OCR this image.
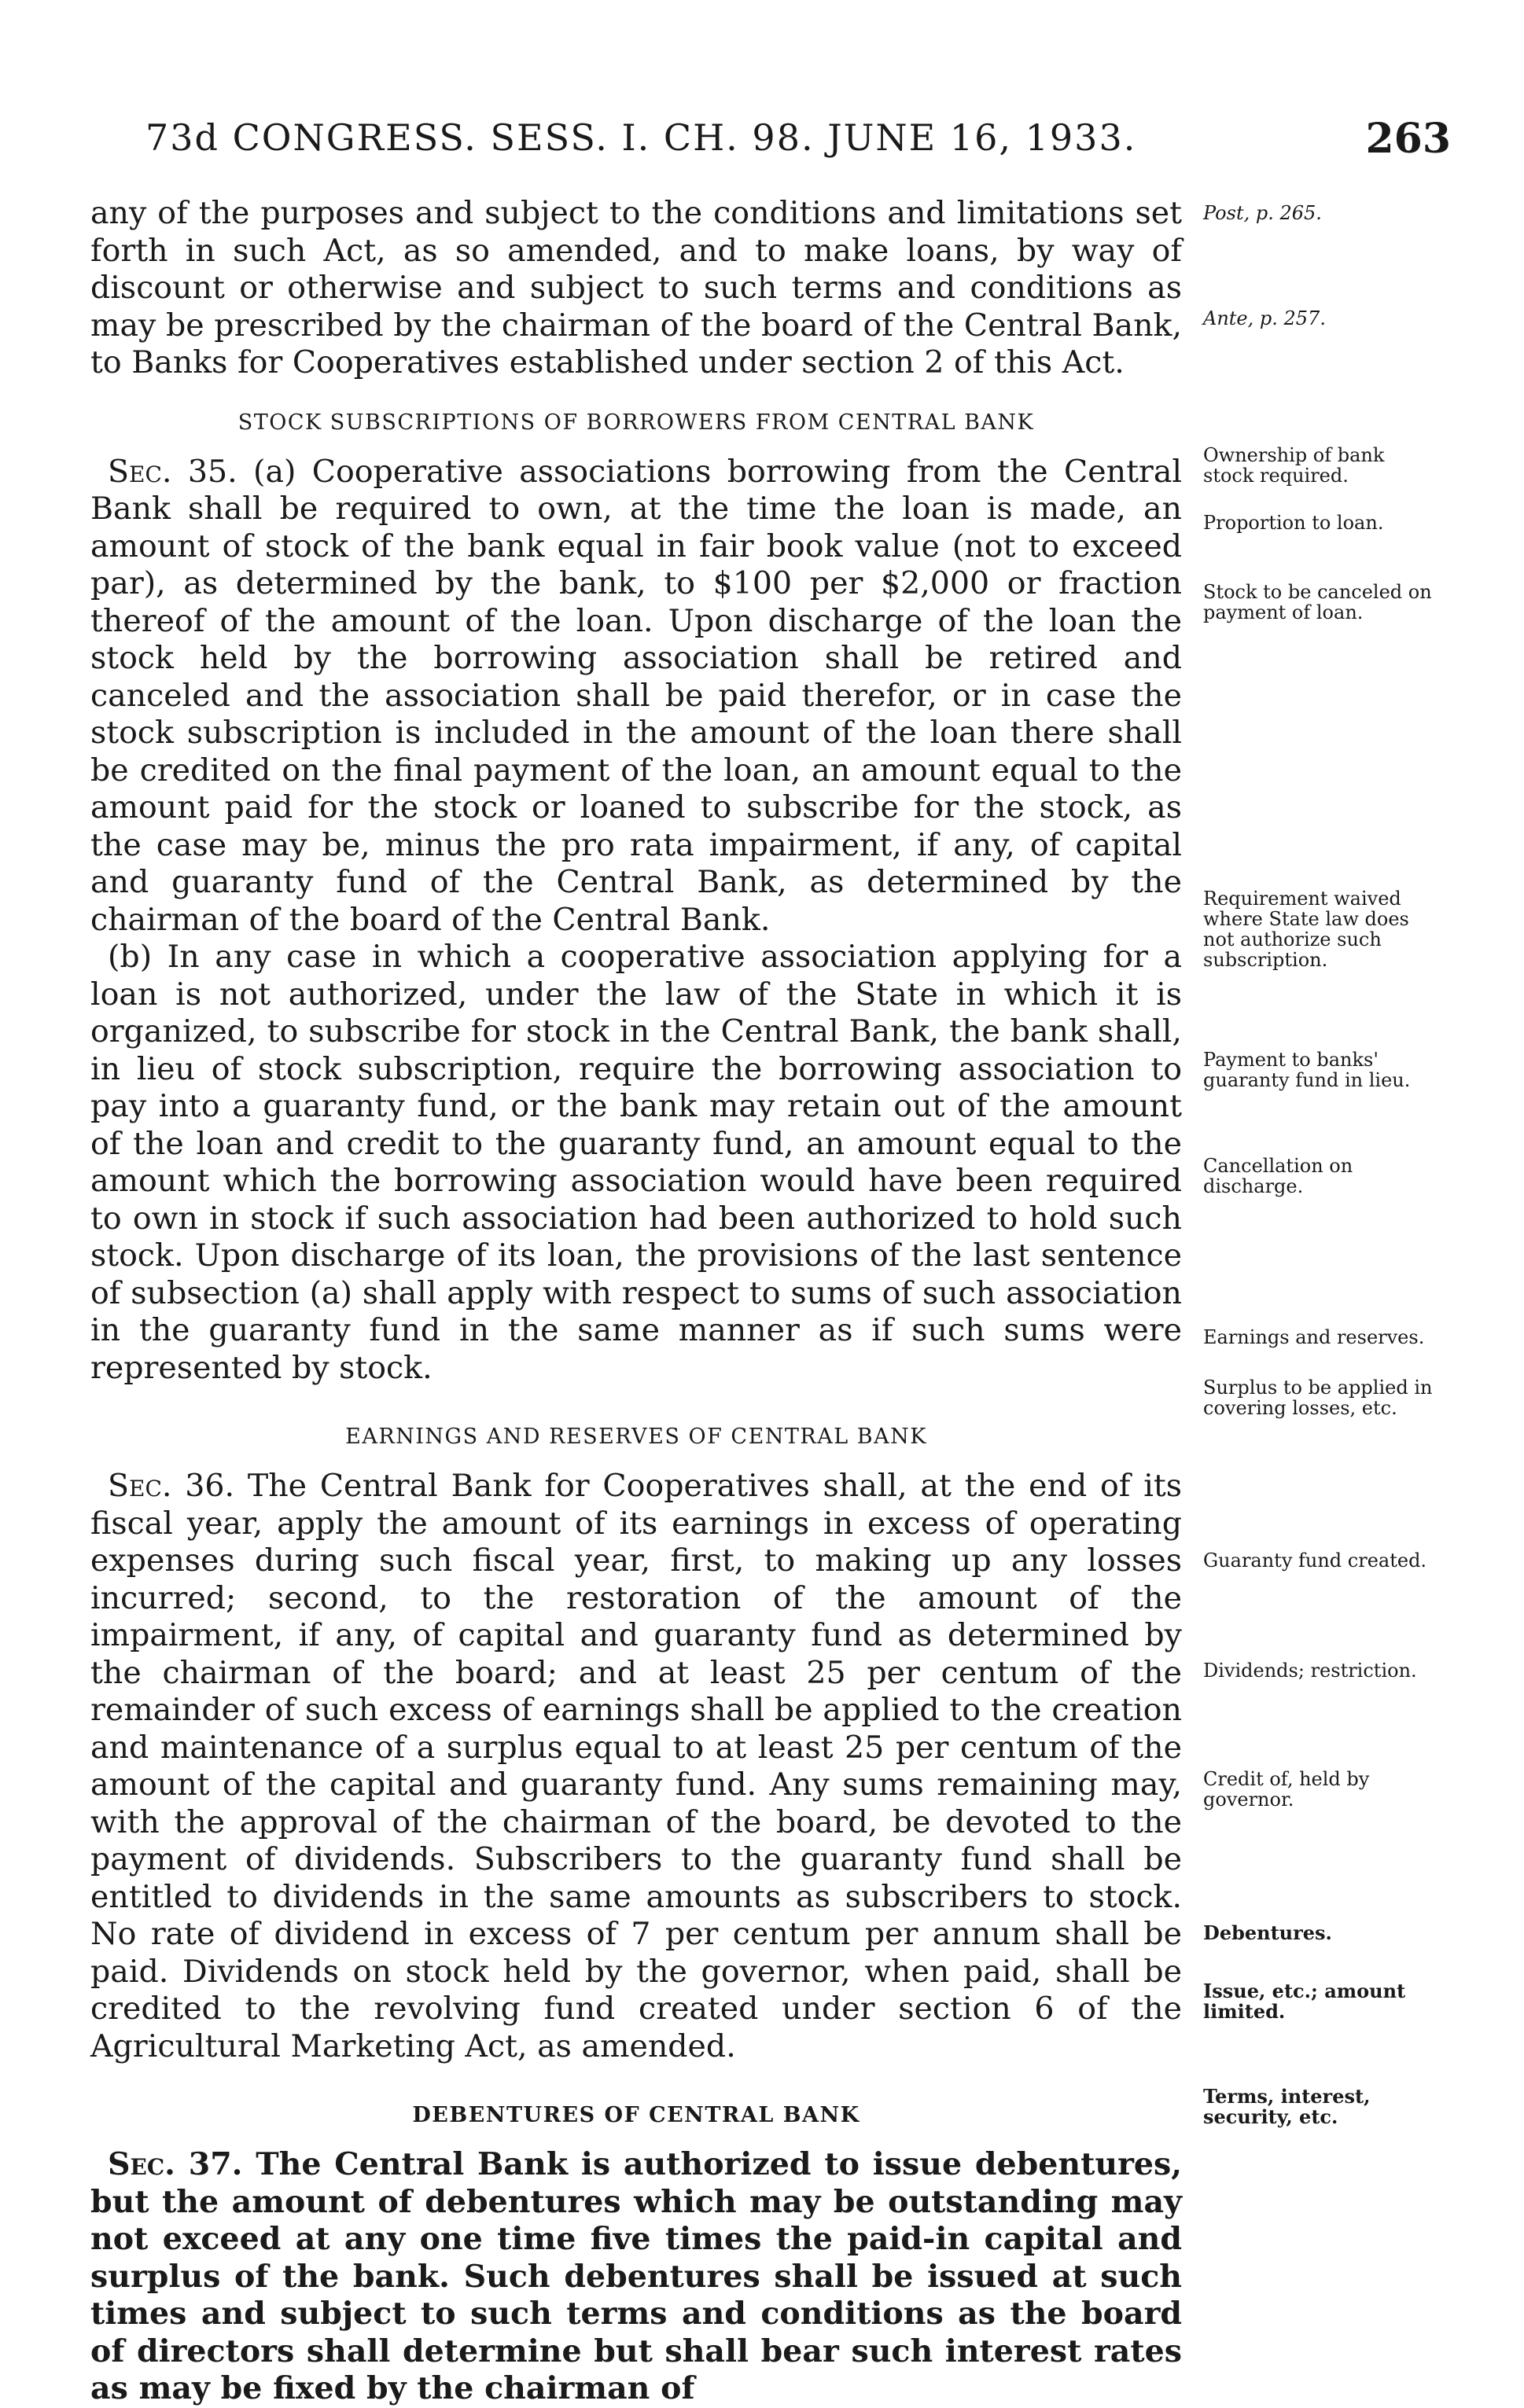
73d CONGRESS. SESS. I. CH. 98. JUNE 16, 1933.	263

any of the purposes and subject to the conditions and limitations set forth in such Act, as so amended, and to make loans, by way of discount or otherwise and subject to such terms and conditions as may be prescribed by the chairman of the board of the Central Bank, to Banks for Cooperatives established under section 2 of this Act.

STOCK SUBSCRIPTIONS OF BORROWERS FROM CENTRAL BANK

Sec. 35. (a) Cooperative associations borrowing from the Central Bank shall be required to own, at the time the loan is made, an amount of stock of the bank equal in fair book value (not to exceed par), as determined by the bank, to $100 per $2,000 or fraction thereof of the amount of the loan. Upon discharge of the loan the stock held by the borrowing association shall be retired and canceled and the association shall be paid therefor, or in case the stock subscription is included in the amount of the loan there shall be credited on the final payment of the loan, an amount equal to the amount paid for the stock or loaned to subscribe for the stock, as the case may be, minus the pro rata impairment, if any, of capital and guaranty fund of the Central Bank, as determined by the chairman of the board of the Central Bank.

(b) In any case in which a cooperative association applying for a loan is not authorized, under the law of the State in which it is organized, to subscribe for stock in the Central Bank, the bank shall, in lieu of stock subscription, require the borrowing association to pay into a guaranty fund, or the bank may retain out of the amount of the loan and credit to the guaranty fund, an amount equal to the amount which the borrowing association would have been required to own in stock if such association had been authorized to hold such stock. Upon discharge of its loan, the provisions of the last sentence of subsection (a) shall apply with respect to sums of such association in the guaranty fund in the same manner as if such sums were represented by stock.

EARNINGS AND RESERVES OF CENTRAL BANK

Sec. 36. The Central Bank for Cooperatives shall, at the end of its fiscal year, apply the amount of its earnings in excess of operating expenses during such fiscal year, first, to making up any losses incurred; second, to the restoration of the amount of the impairment, if any, of capital and guaranty fund as determined by the chairman of the board; and at least 25 per centum of the remainder of such excess of earnings shall be applied to the creation and maintenance of a surplus equal to at least 25 per centum of the amount of the capital and guaranty fund. Any sums remaining may, with the approval of the chairman of the board, be devoted to the payment of dividends. Subscribers to the guaranty fund shall be entitled to dividends in the same amounts as subscribers to stock. No rate of dividend in excess of 7 per centum per annum shall be paid. Dividends on stock held by the governor, when paid, shall be credited to the revolving fund created under section 6 of the Agricultural Marketing Act, as amended.

DEBENTURES OF CENTRAL BANK

Sec. 37. The Central Bank is authorized to issue debentures, but the amount of debentures which may be outstanding may not exceed at any one time five times the paid-in capital and surplus of the bank. Such debentures shall be issued at such times and subject to such terms and conditions as the board of directors shall determine but shall bear such interest rates as may be fixed by the chairman of

Post, p. 265.
Ante, p. 257.
Ownership of bank stock required.
Proportion to loan.
Stock to be canceled on payment of loan.
Requirement waived where State law does not authorize such subscription.
Payment to banks' guaranty fund in lieu.
Cancellation on discharge.
Earnings and reserves.
Surplus to be applied in covering losses, etc.
Guaranty fund created.
Dividends; restriction.
Credit of, held by governor.
Debentures.
Issue, etc.; amount limited.
Terms, interest, security, etc.
